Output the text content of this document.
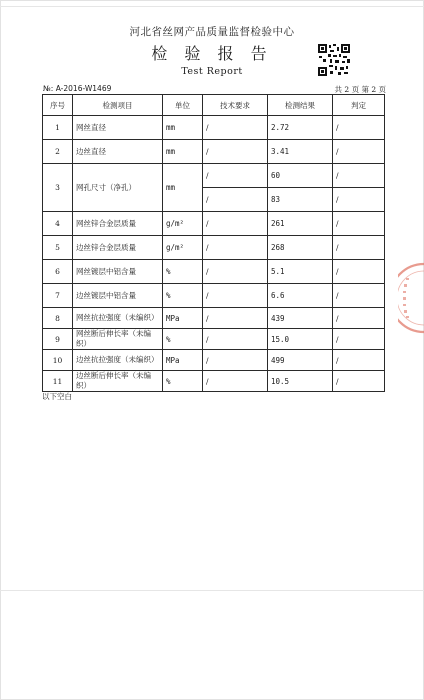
河北省丝网产品质量监督检验中心
检 验 报 告
Test Report
№: A-2016-W1469	共 2 页 第 2 页
序号	检测项目	单位	技术要求	检测结果	判定
1	网丝直径	mm	/	2.72	/
2	边丝直径	mm	/	3.41	/
3	网孔尺寸（净孔）	mm	/	60	/
			/	83	/
4	网丝锌合金层质量	g/m²	/	261	/
5	边丝锌合金层质量	g/m²	/	268	/
6	网丝镀层中铝含量	%	/	5.1	/
7	边丝镀层中铝含量	%	/	6.6	/
8	网丝抗拉强度（未编织）	MPa	/	439	/
9	网丝断后伸长率（未编织）	%	/	15.0	/
10	边丝抗拉强度（未编织）	MPa	/	499	/
11	边丝断后伸长率（未编织）	%	/	10.5	/
以下空白
